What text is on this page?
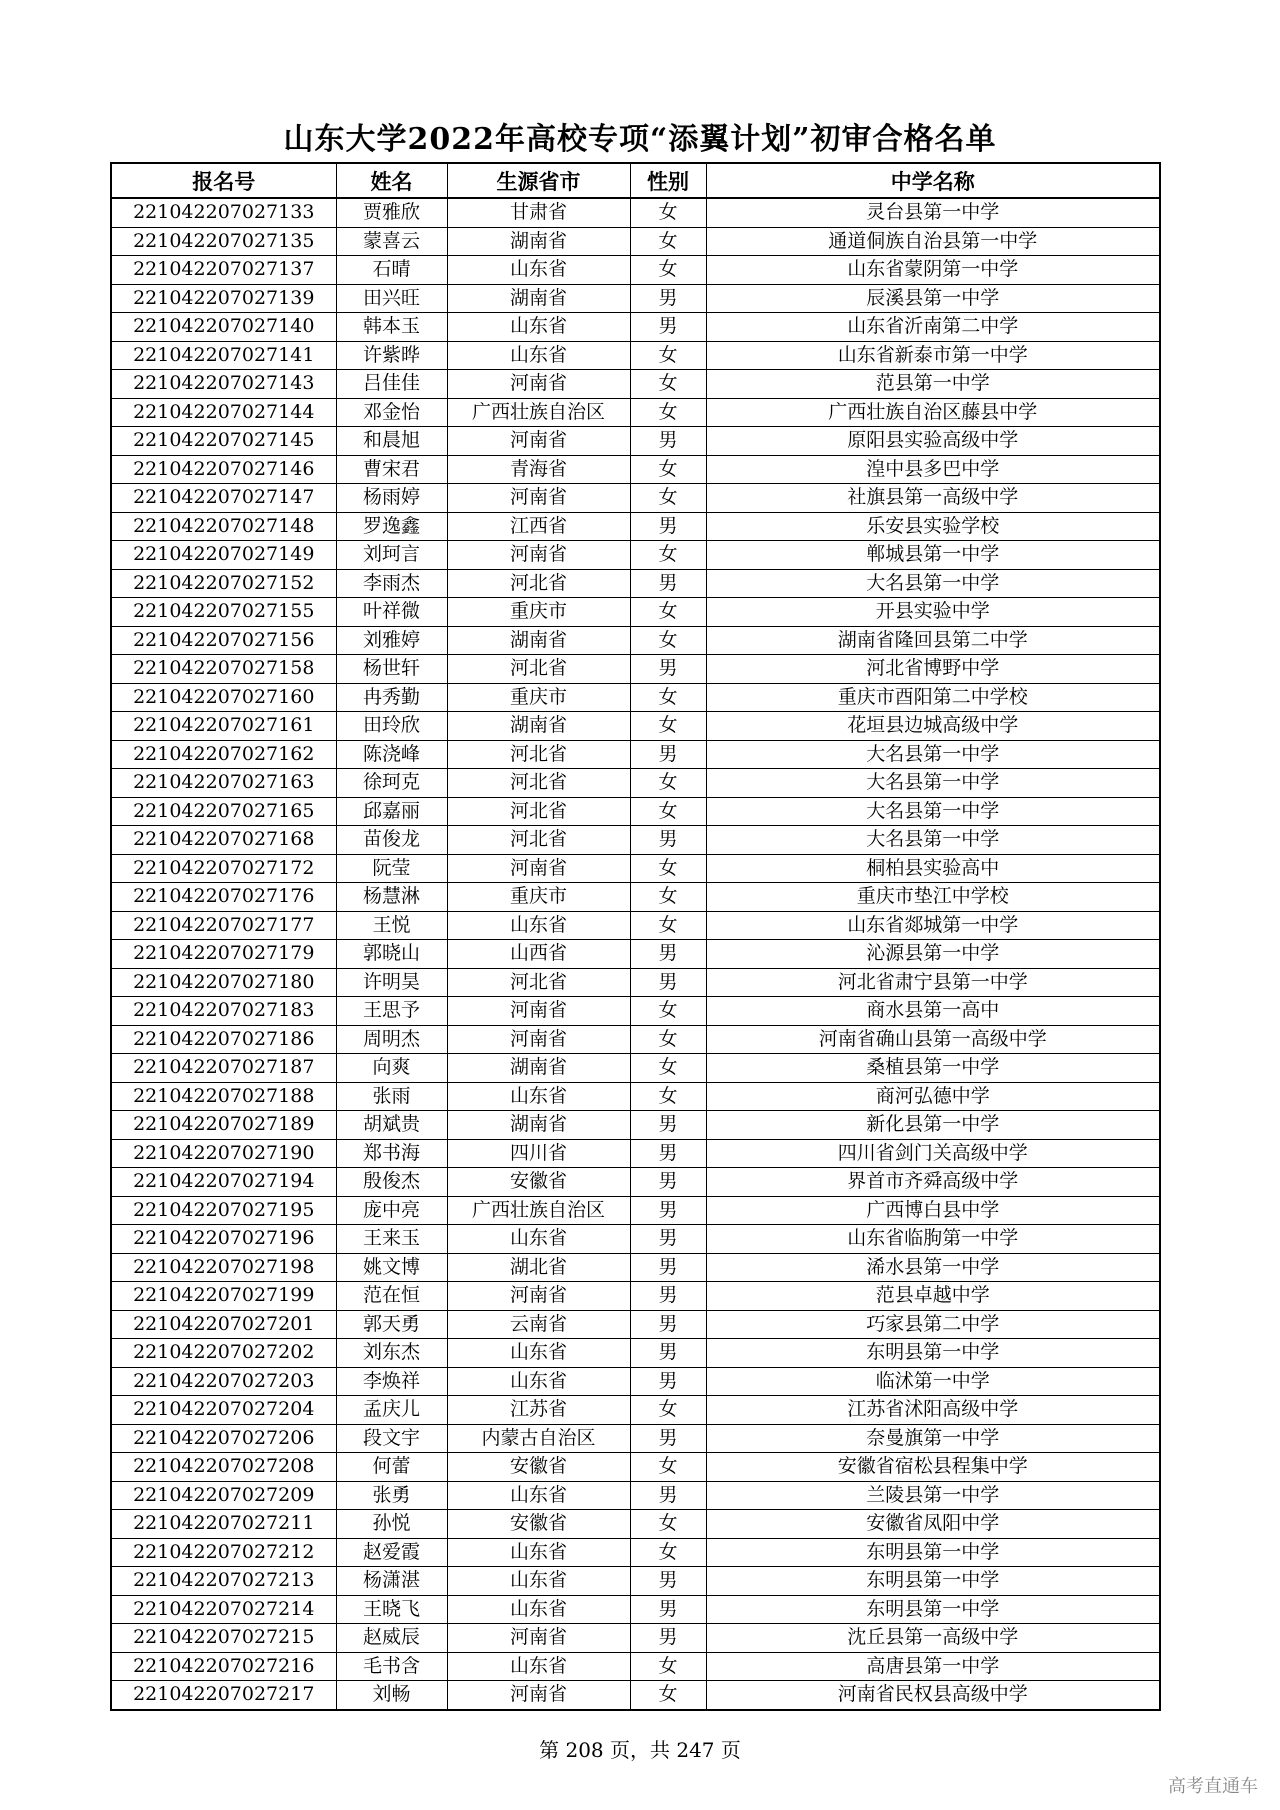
山东大学2022年高校专项“添翼计划”初审合格名单
报名号	姓名	生源省市	性别	中学名称
22104220702713​3	贾雅欣	甘肃省	女	灵台县第一中学
221042207027135	蒙喜云	湖南省	女	通道侗族自治县第一中学
221042207027137	石晴	山东省	女	山东省蒙阴第一中学
221042207027139	田兴旺	湖南省	男	辰溪县第一中学
221042207027140	韩本玉	山东省	男	山东省沂南第二中学
221042207027141	许紫晔	山东省	女	山东省新泰市第一中学
221042207027143	吕佳佳	河南省	女	范县第一中学
221042207027144	邓金怡	广西壮族自治区	女	广西壮族自治区藤县中学
221042207027145	和晨旭	河南省	男	原阳县实验高级中学
221042207027146	曹宋君	青海省	女	湟中县多巴中学
221042207027147	杨雨婷	河南省	女	社旗县第一高级中学
221042207027148	罗逸鑫	江西省	男	乐安县实验学校
221042207027149	刘珂言	河南省	女	郸城县第一中学
221042207027152	李雨杰	河北省	男	大名县第一中学
221042207027155	叶祥微	重庆市	女	开县实验中学
221042207027156	刘雅婷	湖南省	女	湖南省隆回县第二中学
221042207027158	杨世轩	河北省	男	河北省博野中学
221042207027160	冉秀勤	重庆市	女	重庆市酉阳第二中学校
221042207027161	田玲欣	湖南省	女	花垣县边城高级中学
221042207027162	陈浇峰	河北省	男	大名县第一中学
221042207027163	徐珂克	河北省	女	大名县第一中学
221042207027165	邱嘉丽	河北省	女	大名县第一中学
221042207027168	苗俊龙	河北省	男	大名县第一中学
221042207027172	阮莹	河南省	女	桐柏县实验高中
221042207027176	杨慧淋	重庆市	女	重庆市垫江中学校
221042207027177	王悦	山东省	女	山东省郯城第一中学
221042207027179	郭晓山	山西省	男	沁源县第一中学
221042207027180	许明昊	河北省	男	河北省肃宁县第一中学
221042207027183	王思予	河南省	女	商水县第一高中
221042207027186	周明杰	河南省	女	河南省确山县第一高级中学
221042207027187	向爽	湖南省	女	桑植县第一中学
221042207027188	张雨	山东省	女	商河弘德中学
221042207027189	胡斌贵	湖南省	男	新化县第一中学
221042207027190	郑书海	四川省	男	四川省剑门关高级中学
221042207027194	殷俊杰	安徽省	男	界首市齐舜高级中学
221042207027195	庞中亮	广西壮族自治区	男	广西博白县中学
221042207027196	王来玉	山东省	男	山东省临朐第一中学
221042207027198	姚文博	湖北省	男	浠水县第一中学
221042207027199	范在恒	河南省	男	范县卓越中学
221042207027201	郭天勇	云南省	男	巧家县第二中学
221042207027202	刘东杰	山东省	男	东明县第一中学
221042207027203	李焕祥	山东省	男	临沭第一中学
221042207027204	孟庆儿	江苏省	女	江苏省沭阳高级中学
221042207027206	段文宇	内蒙古自治区	男	奈曼旗第一中学
221042207027208	何蕾	安徽省	女	安徽省宿松县程集中学
221042207027209	张勇	山东省	男	兰陵县第一中学
221042207027211	孙悦	安徽省	女	安徽省凤阳中学
221042207027212	赵爱霞	山东省	女	东明县第一中学
221042207027213	杨潇湛	山东省	男	东明县第一中学
221042207027214	王晓飞	山东省	男	东明县第一中学
221042207027215	赵威辰	河南省	男	沈丘县第一高级中学
221042207027216	毛书含	山东省	女	高唐县第一中学
221042207027217	刘畅	河南省	女	河南省民权县高级中学
第 208 页，共 247 页
高考直通车
